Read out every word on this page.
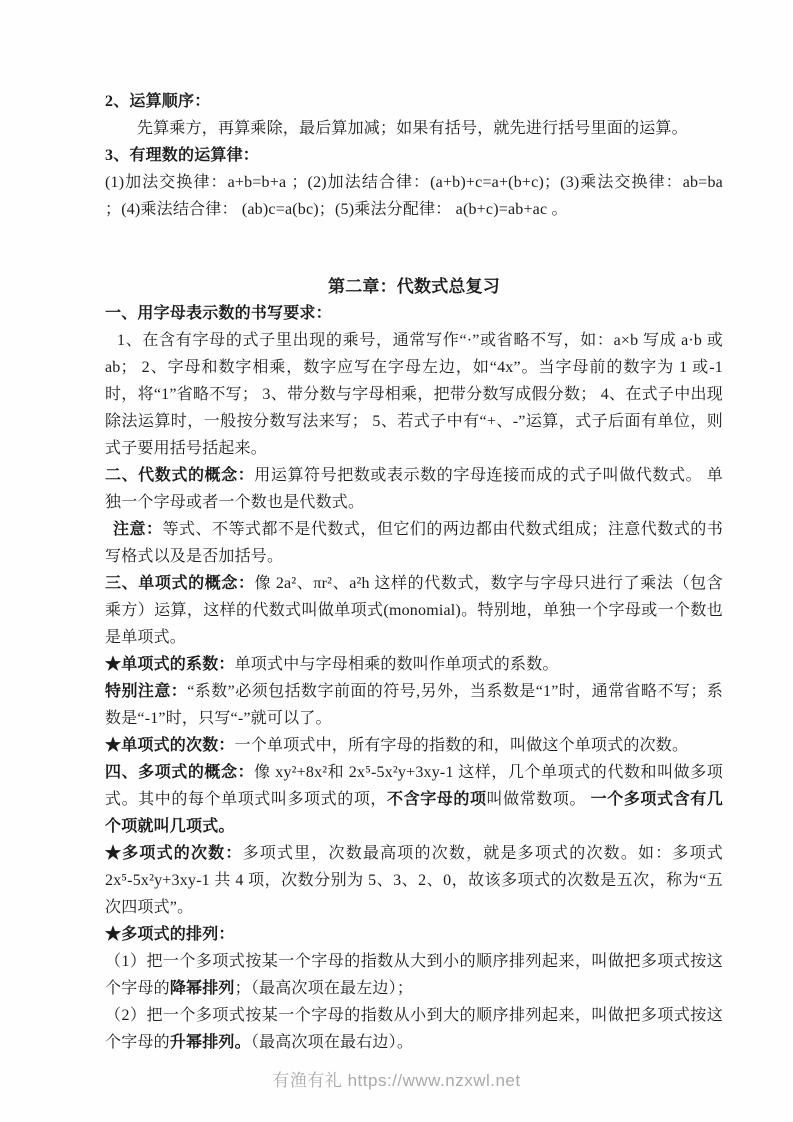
2、运算顺序：

先算乘方，再算乘除，最后算加减；如果有括号，就先进行括号里面的运算。

3、有理数的运算律：

(1)加法交换律：a+b=b+a ；(2)加法结合律：(a+b)+c=a+(b+c)；(3)乘法交换律：ab=ba ；(4)乘法结合律： (ab)c=a(bc)；(5)乘法分配律： a(b+c)=ab+ac 。

第二章：代数式总复习

一、用字母表示数的书写要求：

1、在含有字母的式子里出现的乘号，通常写作“·”或省略不写，如：a×b 写成 a·b 或 ab； 2、字母和数字相乘，数字应写在字母左边，如“4x”。当字母前的数字为 1 或-1 时，将“1”省略不写； 3、带分数与字母相乘，把带分数写成假分数； 4、在式子中出现除法运算时，一般按分数写法来写； 5、若式子中有“+、-”运算，式子后面有单位，则式子要用括号括起来。

二、代数式的概念：用运算符号把数或表示数的字母连接而成的式子叫做代数式。 单独一个字母或者一个数也是代数式。

注意：等式、不等式都不是代数式，但它们的两边都由代数式组成；注意代数式的书写格式以及是否加括号。

三、单项式的概念：像 2a²、πr²、a²h 这样的代数式，数字与字母只进行了乘法（包含乘方）运算，这样的代数式叫做单项式(monomial)。特别地，单独一个字母或一个数也是单项式。

★单项式的系数：单项式中与字母相乘的数叫作单项式的系数。

特别注意：“系数”必须包括数字前面的符号,另外，当系数是“1”时，通常省略不写；系数是“-1”时，只写“-”就可以了。

★单项式的次数：一个单项式中，所有字母的指数的和，叫做这个单项式的次数。

四、多项式的概念：像 xy²+8x²和 2x⁵-5x²y+3xy-1 这样，几个单项式的代数和叫做多项式。其中的每个单项式叫多项式的项，不含字母的项叫做常数项。 一个多项式含有几个项就叫几项式。

★多项式的次数：多项式里，次数最高项的次数，就是多项式的次数。如：多项式 2x⁵-5x²y+3xy-1 共 4 项，次数分别为 5、3、2、0，故该多项式的次数是五次，称为“五次四项式”。

★多项式的排列：

（1）把一个多项式按某一个字母的指数从大到小的顺序排列起来，叫做把多项式按这个字母的降幂排列；（最高次项在最左边）；

（2）把一个多项式按某一个字母的指数从小到大的顺序排列起来，叫做把多项式按这个字母的升幂排列。（最高次项在最右边）。

有渔有礼 https://www.nzxwl.net
